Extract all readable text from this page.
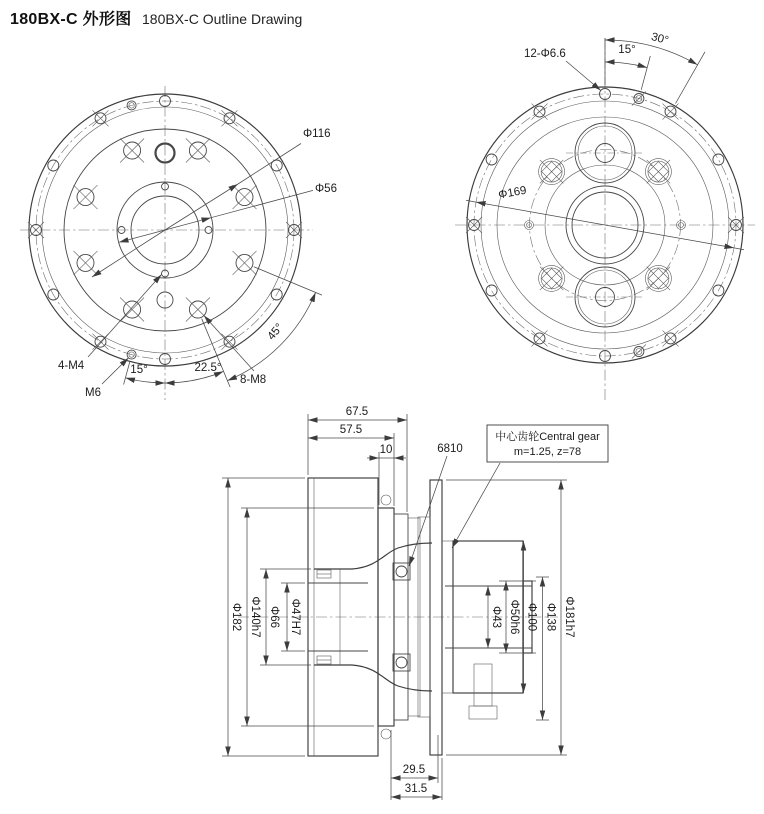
180BX-C 外形图 180BX-C Outline Drawing
Φ116
Φ56
4-M4
M6
8-M8
15°	22.5°
45°
12-Φ6.6	15°
30°
Φ169
67.5
57.5
10	6810
中心齿轮Central gear
m=1.25, z=78
Φ182 Φ140h7 Φ66 Φ47H7	Φ43 Φ50h6 Φ100 Φ138 Φ181h7
29.5
31.5
